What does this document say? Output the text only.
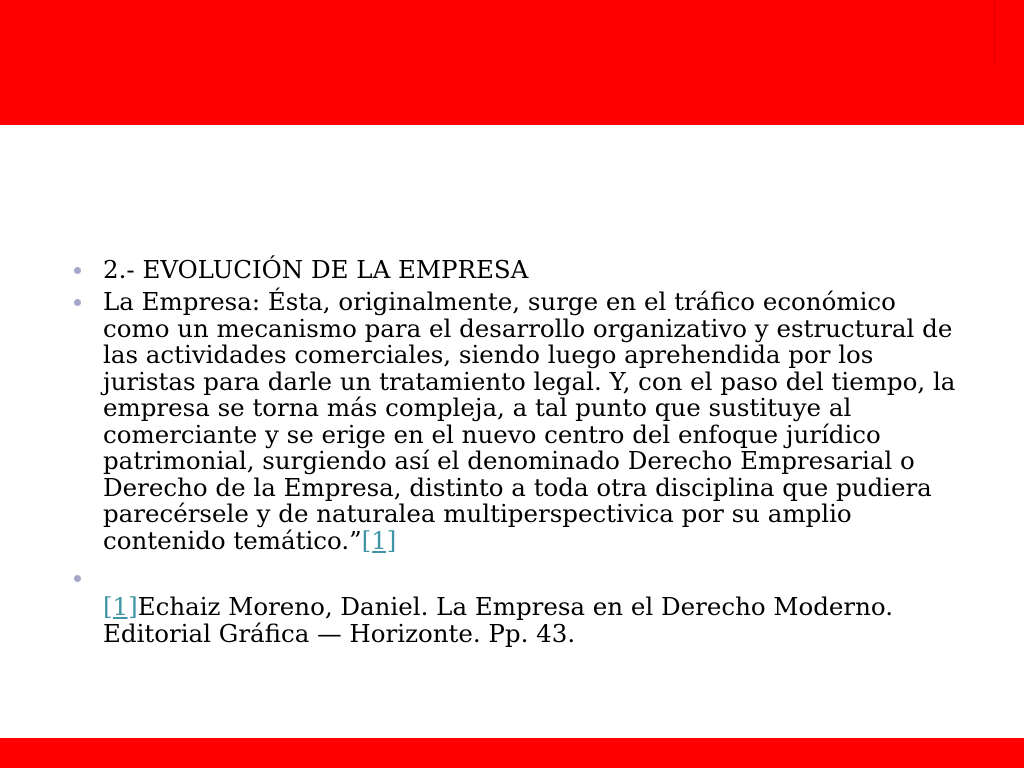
2.- EVOLUCIÓN DE LA EMPRESA
La Empresa: Ésta, originalmente, surge en el tráfico económico
como un mecanismo para el desarrollo organizativo y estructural de
las actividades comerciales, siendo luego aprehendida por los
juristas para darle un tratamiento legal. Y, con el paso del tiempo, la
empresa se torna más compleja, a tal punto que sustituye al
comerciante y se erige en el nuevo centro del enfoque jurídico
patrimonial, surgiendo así el denominado Derecho Empresarial o
Derecho de la Empresa, distinto a toda otra disciplina que pudiera
parecérsele y de naturalea multiperspectivica por su amplio
contenido temático.”[1]
[1]Echaiz Moreno, Daniel. La Empresa en el Derecho Moderno.
Editorial Gráfica — Horizonte. Pp. 43.
